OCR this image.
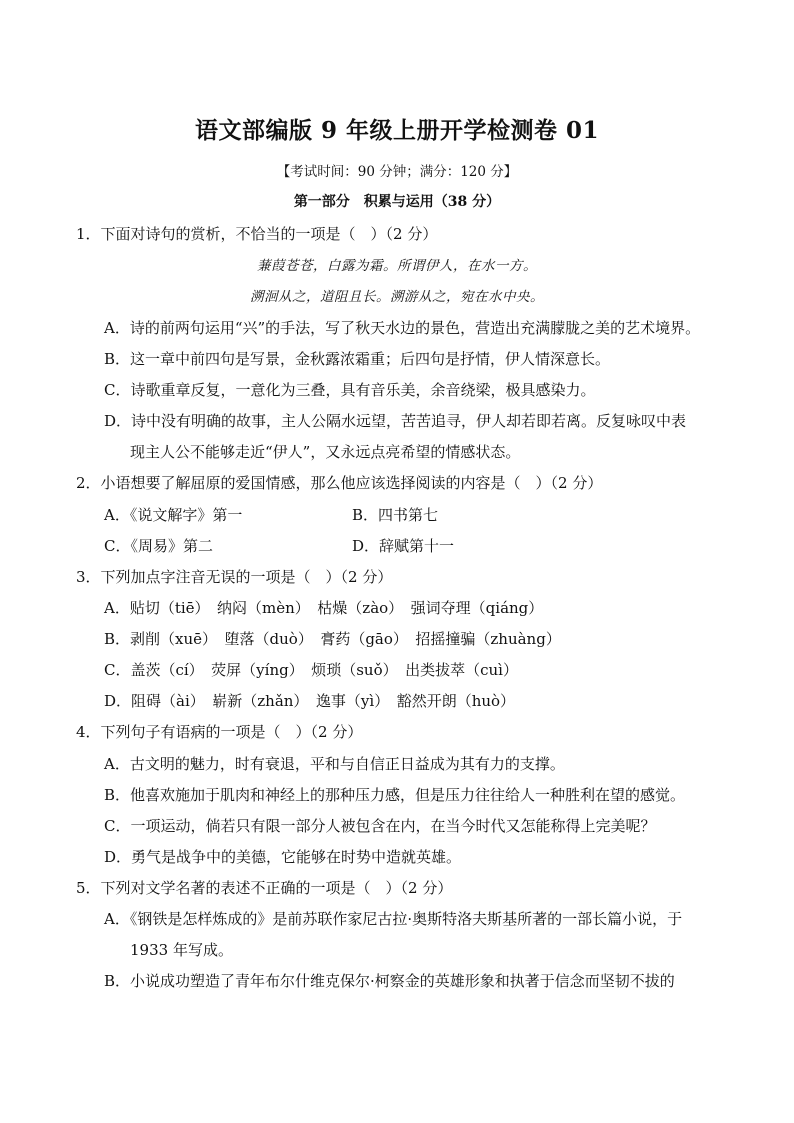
语文部编版 9 年级上册开学检测卷 01
【考试时间：90 分钟；满分：120 分】
第一部分　积累与运用（38 分）
1．下面对诗句的赏析，不恰当的一项是（　）（2 分）
蒹葭苍苍，白露为霜。所谓伊人，在水一方。
溯洄从之，道阻且长。溯游从之，宛在水中央。
A．诗的前两句运用“兴”的手法，写了秋天水边的景色，营造出充满朦胧之美的艺术境界。
B．这一章中前四句是写景，金秋露浓霜重；后四句是抒情，伊人情深意长。
C．诗歌重章反复，一意化为三叠，具有音乐美，余音绕梁，极具感染力。
D．诗中没有明确的故事，主人公隔水远望，苦苦追寻，伊人却若即若离。反复咏叹中表
现主人公不能够走近“伊人”，又永远点亮希望的情感状态。
2．小语想要了解屈原的爱国情感，那么他应该选择阅读的内容是（　）（2 分）
A．《说文解字》第一	B．四书第七
C．《周易》第二	D．辞赋第十一
3．下列加点字注音无误的一项是（　）（2 分）
A．贴切（tiē）　纳闷（mèn）　枯燥（zào）　强词夺理（qiáng）
B．剥削（xuē）　堕落（duò）　膏药（gāo）　招摇撞骗（zhuàng）
C．盖茨（cí）　荧屏（yíng）　烦琐（suǒ）　出类拔萃（cuì）
D．阻碍（ài）　崭新（zhǎn）　逸事（yì）　豁然开朗（huò）
4．下列句子有语病的一项是（　）（2 分）
A．古文明的魅力，时有衰退，平和与自信正日益成为其有力的支撑。
B．他喜欢施加于肌肉和神经上的那种压力感，但是压力往往给人一种胜利在望的感觉。
C．一项运动，倘若只有限一部分人被包含在内，在当今时代又怎能称得上完美呢？
D．勇气是战争中的美德，它能够在时势中造就英雄。
5．下列对文学名著的表述不正确的一项是（　）（2 分）
A．《钢铁是怎样炼成的》是前苏联作家尼古拉·奥斯特洛夫斯基所著的一部长篇小说，于
1933 年写成。
B．小说成功塑造了青年布尔什维克保尔·柯察金的英雄形象和执著于信念而坚韧不拔的
